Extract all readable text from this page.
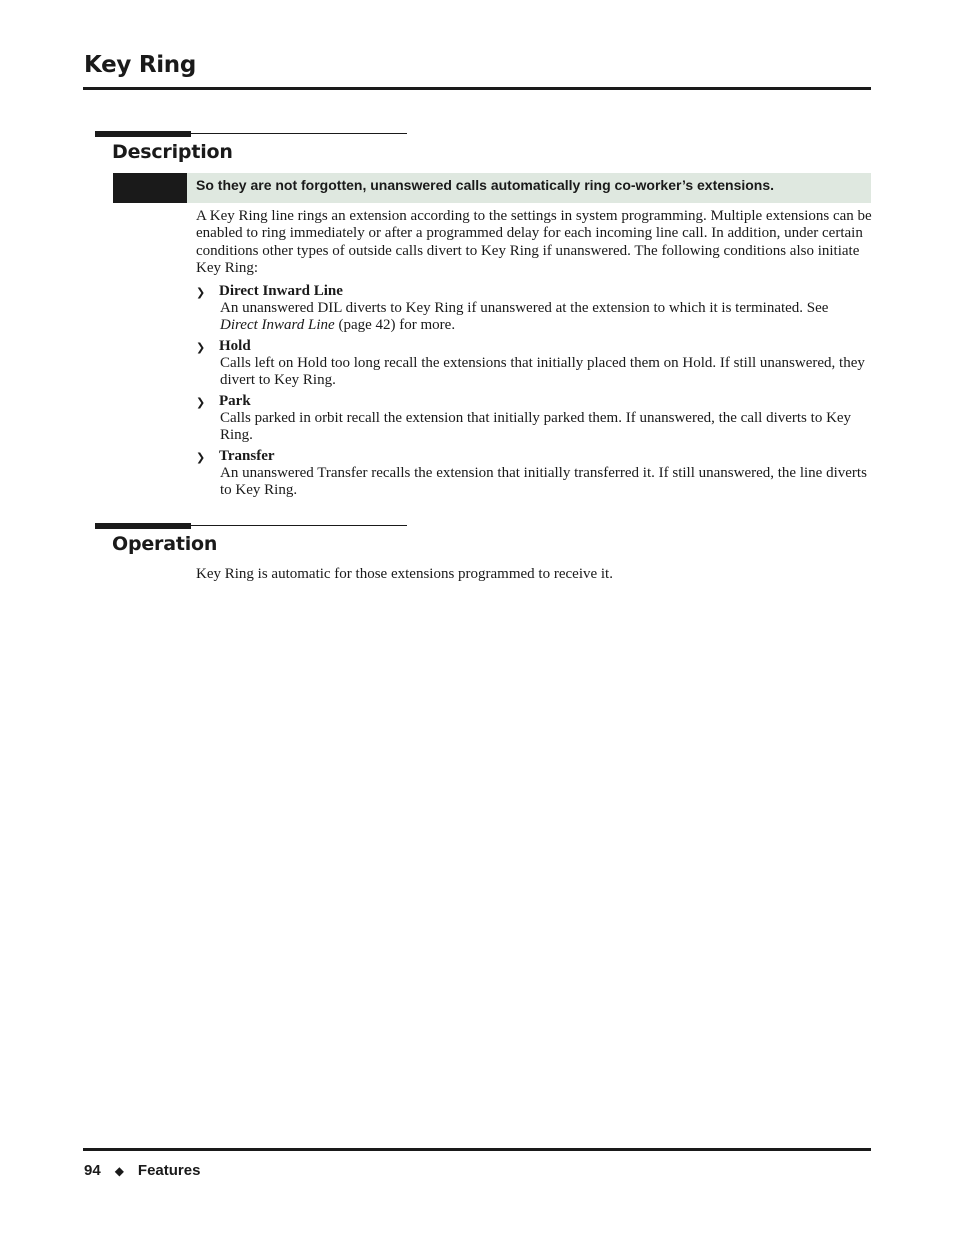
Key Ring
Description
So they are not forgotten, unanswered calls automatically ring co-worker’s extensions.
A Key Ring line rings an extension according to the settings in system programming. Multiple extensions can be enabled to ring immediately or after a programmed delay for each incoming line call. In addition, under certain conditions other types of outside calls divert to Key Ring if unanswered. The following conditions also initiate Key Ring:
❯ Direct Inward Line
An unanswered DIL diverts to Key Ring if unanswered at the extension to which it is terminated. See
Direct Inward Line (page 42) for more.
❯ Hold
Calls left on Hold too long recall the extensions that initially placed them on Hold. If still unanswered, they divert to Key Ring.
❯ Park
Calls parked in orbit recall the extension that initially parked them. If unanswered, the call diverts to Key Ring.
❯ Transfer
An unanswered Transfer recalls the extension that initially transferred it. If still unanswered, the line diverts to Key Ring.
Operation
Key Ring is automatic for those extensions programmed to receive it.
94 ◆ Features
